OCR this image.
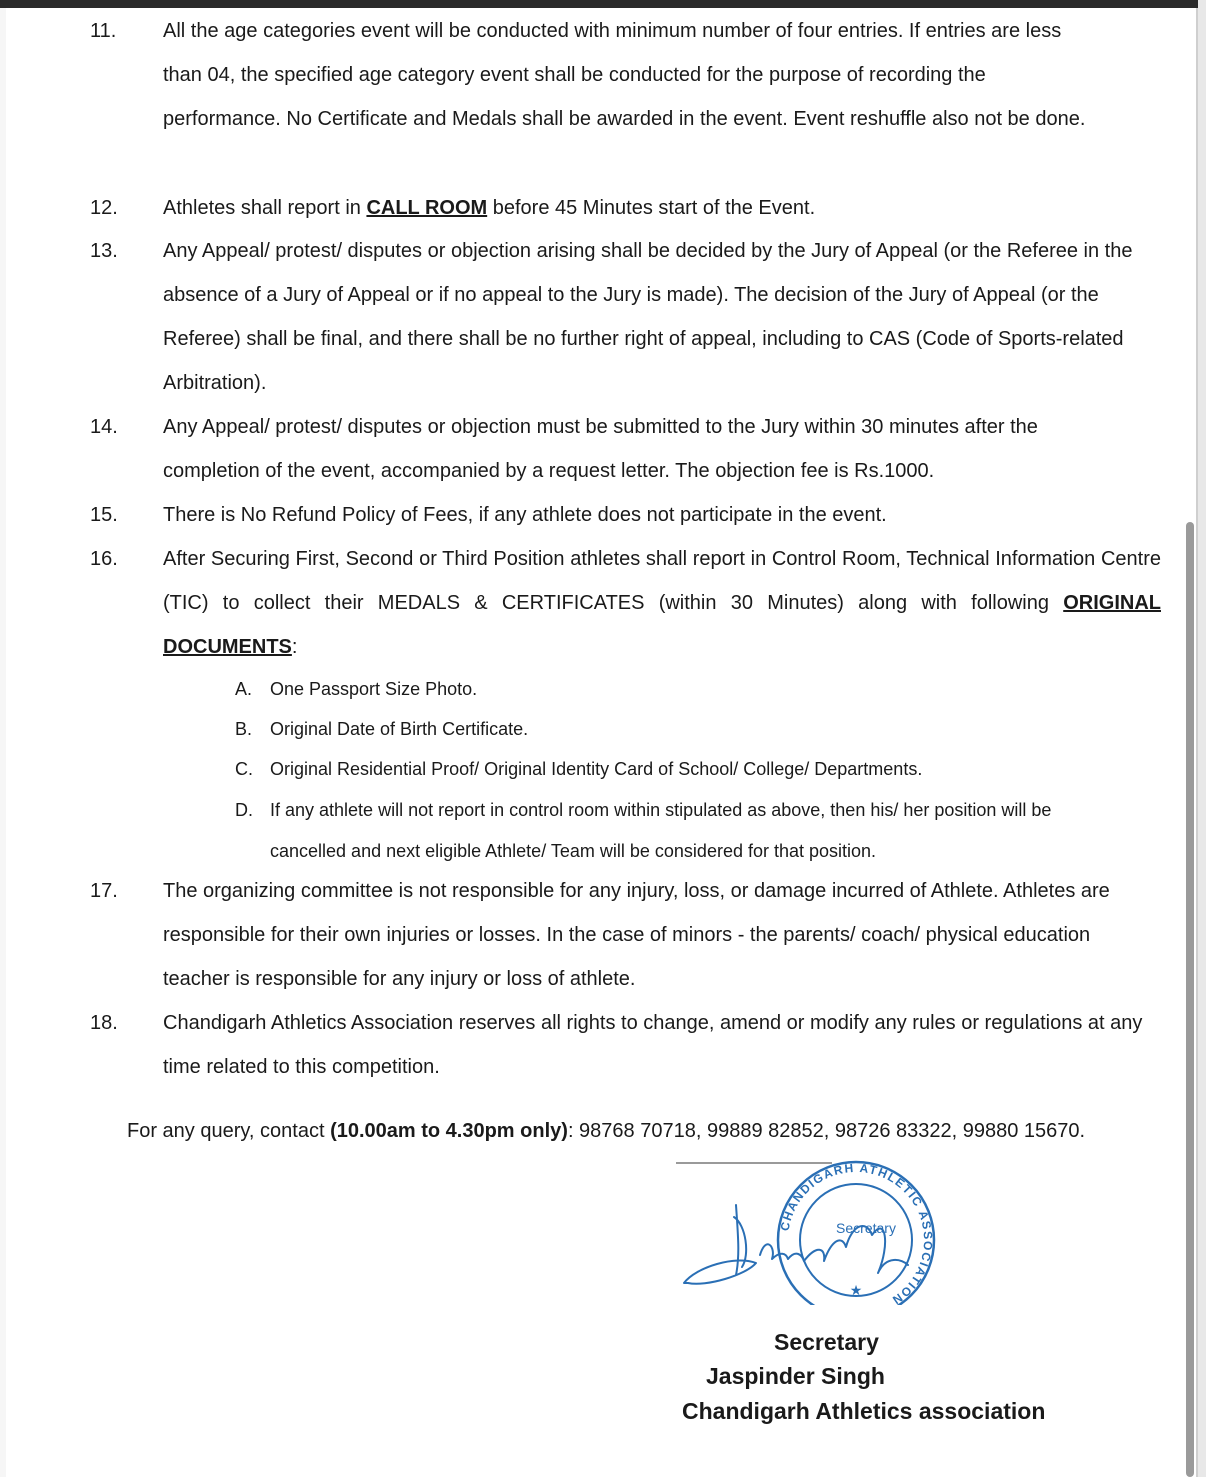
11. All the age categories event will be conducted with minimum number of four entries. If entries are less than 04, the specified age category event shall be conducted for the purpose of recording the performance. No Certificate and Medals shall be awarded in the event. Event reshuffle also not be done.
12. Athletes shall report in CALL ROOM before 45 Minutes start of the Event.
13. Any Appeal/ protest/ disputes or objection arising shall be decided by the Jury of Appeal (or the Referee in the absence of a Jury of Appeal or if no appeal to the Jury is made). The decision of the Jury of Appeal (or the Referee) shall be final, and there shall be no further right of appeal, including to CAS (Code of Sports-related Arbitration).
14. Any Appeal/ protest/ disputes or objection must be submitted to the Jury within 30 minutes after the completion of the event, accompanied by a request letter. The objection fee is Rs.1000.
15. There is No Refund Policy of Fees, if any athlete does not participate in the event.
16. After Securing First, Second or Third Position athletes shall report in Control Room, Technical Information Centre (TIC) to collect their MEDALS & CERTIFICATES (within 30 Minutes) along with following ORIGINAL DOCUMENTS:
A. One Passport Size Photo.
B. Original Date of Birth Certificate.
C. Original Residential Proof/ Original Identity Card of School/ College/ Departments.
D. If any athlete will not report in control room within stipulated as above, then his/ her position will be cancelled and next eligible Athlete/ Team will be considered for that position.
17. The organizing committee is not responsible for any injury, loss, or damage incurred of Athlete. Athletes are responsible for their own injuries or losses. In the case of minors - the parents/ coach/ physical education teacher is responsible for any injury or loss of athlete.
18. Chandigarh Athletics Association reserves all rights to change, amend or modify any rules or regulations at any time related to this competition.
For any query, contact (10.00am to 4.30pm only): 98768 70718, 99889 82852, 98726 83322, 99880 15670.
CHANDIGARH ATHLETIC ASSOCIATION
Secretary
★
Secretary
Jaspinder Singh
Chandigarh Athletics association
